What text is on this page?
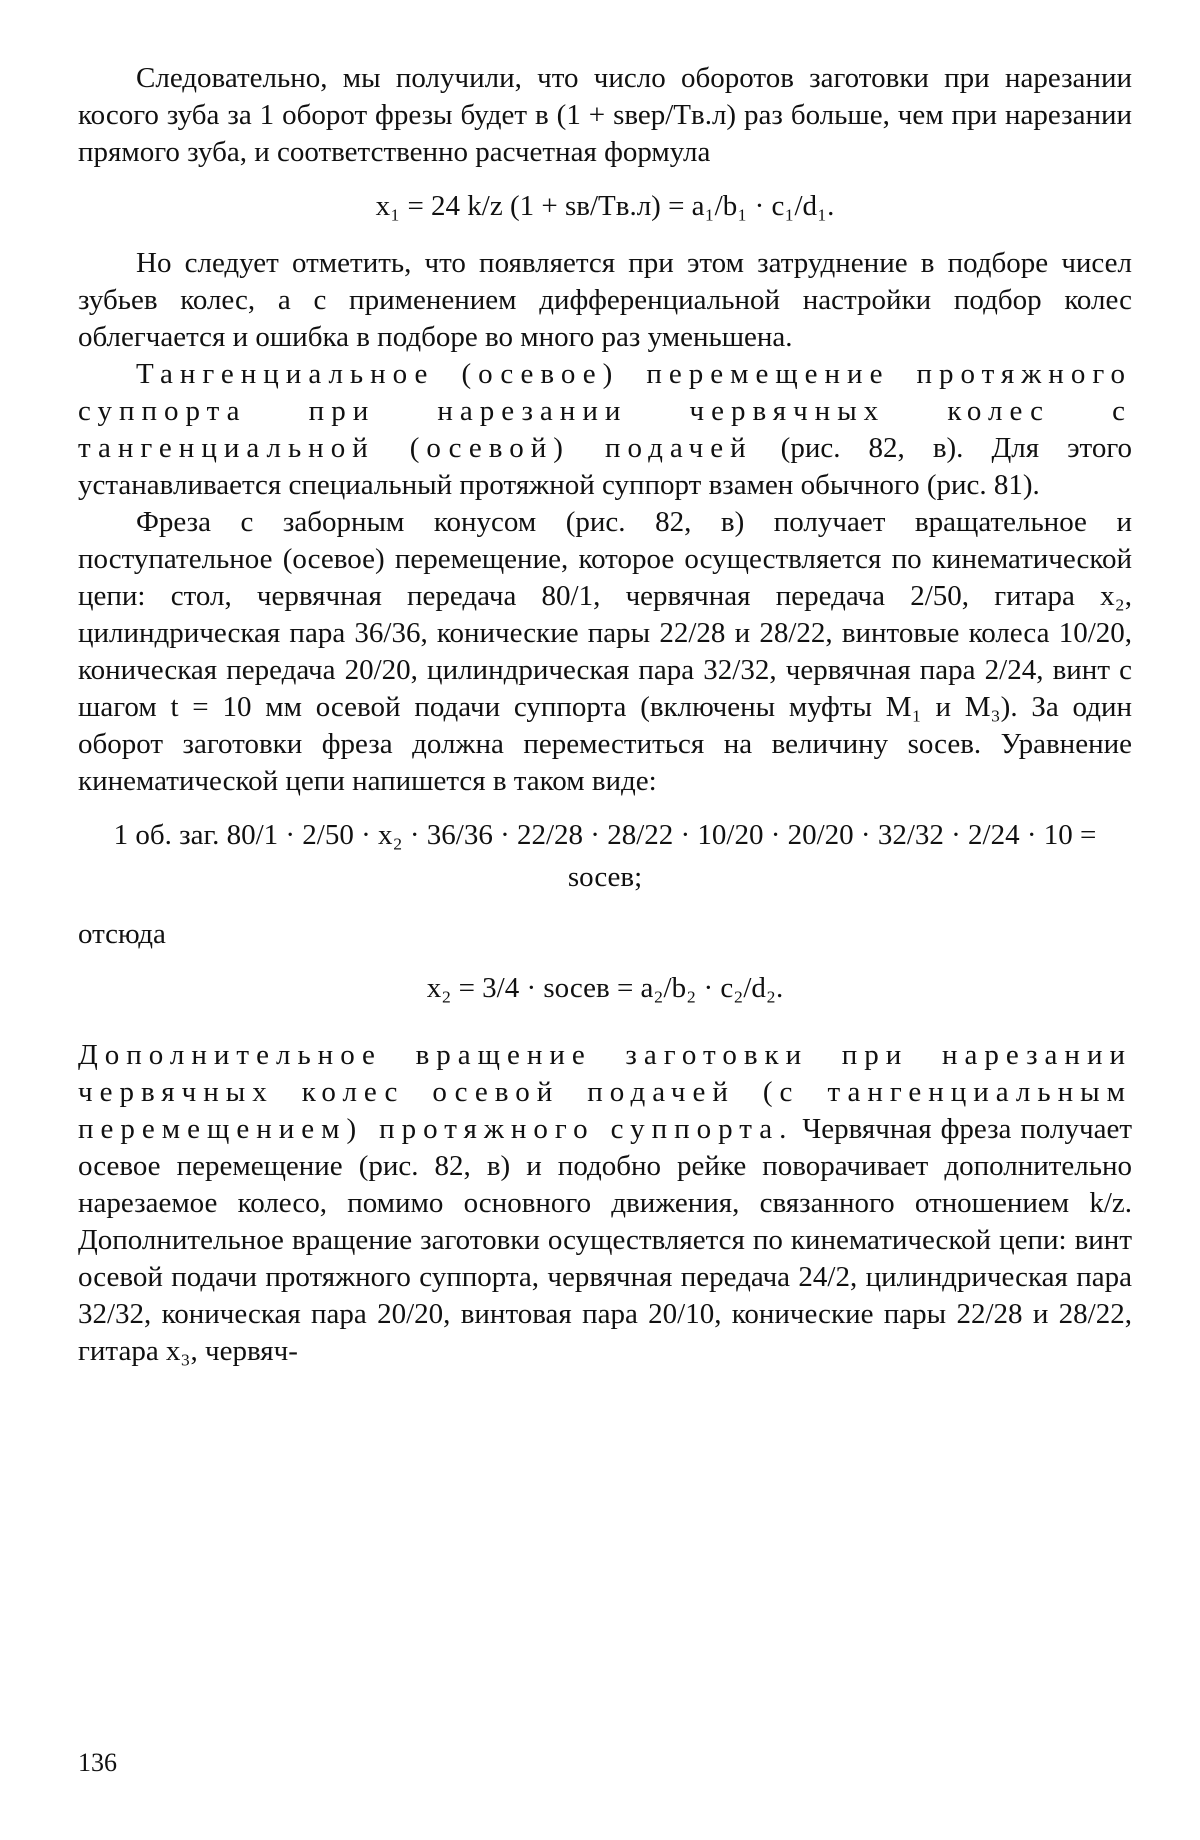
Следовательно, мы получили, что число оборотов заготовки при нарезании косого зуба за 1 оборот фрезы будет в (1 + sвер/Tв.л) раз больше, чем при нарезании прямого зуба, и соответственно расчетная формула

x₁ = 24 k/z (1 + sв/Tв.л) = a₁/b₁ · c₁/d₁.

Но следует отметить, что появляется при этом затруднение в подборе чисел зубьев колес, а с применением дифференциальной настройки подбор колес облегчается и ошибка в подборе во много раз уменьшена.

Тангенциальное (осевое) перемещение протяжного суппорта при нарезании червячных колес с тангенциальной (осевой) подачей (рис. 82, в). Для этого устанавливается специальный протяжной суппорт взамен обычного (рис. 81).

Фреза с заборным конусом (рис. 82, в) получает вращательное и поступательное (осевое) перемещение, которое осуществляется по кинематической цепи: стол, червячная передача 80/1, червячная передача 2/50, гитара x₂, цилиндрическая пара 36/36, конические пары 22/28 и 28/22, винтовые колеса 10/20, коническая передача 20/20, цилиндрическая пара 32/32, червячная пара 2/24, винт с шагом t = 10 мм осевой подачи суппорта (включены муфты M₁ и M₃). За один оборот заготовки фреза должна переместиться на величину sосев. Уравнение кинематической цепи напишется в таком виде:

1 об. заг. 80/1 · 2/50 · x₂ · 36/36 · 22/28 · 28/22 · 10/20 · 20/20 · 32/32 · 2/24 · 10 = sосев;

отсюда

x₂ = 3/4 · sосев = a₂/b₂ · c₂/d₂.

Дополнительное вращение заготовки при нарезании червячных колес осевой подачей (с тангенциальным перемещением) протяжного суппорта. Червячная фреза получает осевое перемещение (рис. 82, в) и подобно рейке поворачивает дополнительно нарезаемое колесо, помимо основного движения, связанного отношением k/z. Дополнительное вращение заготовки осуществляется по кинематической цепи: винт осевой подачи протяжного суппорта, червячная передача 24/2, цилиндрическая пара 32/32, коническая пара 20/20, винтовая пара 20/10, конические пары 22/28 и 28/22, гитара x₃, червяч-

136
